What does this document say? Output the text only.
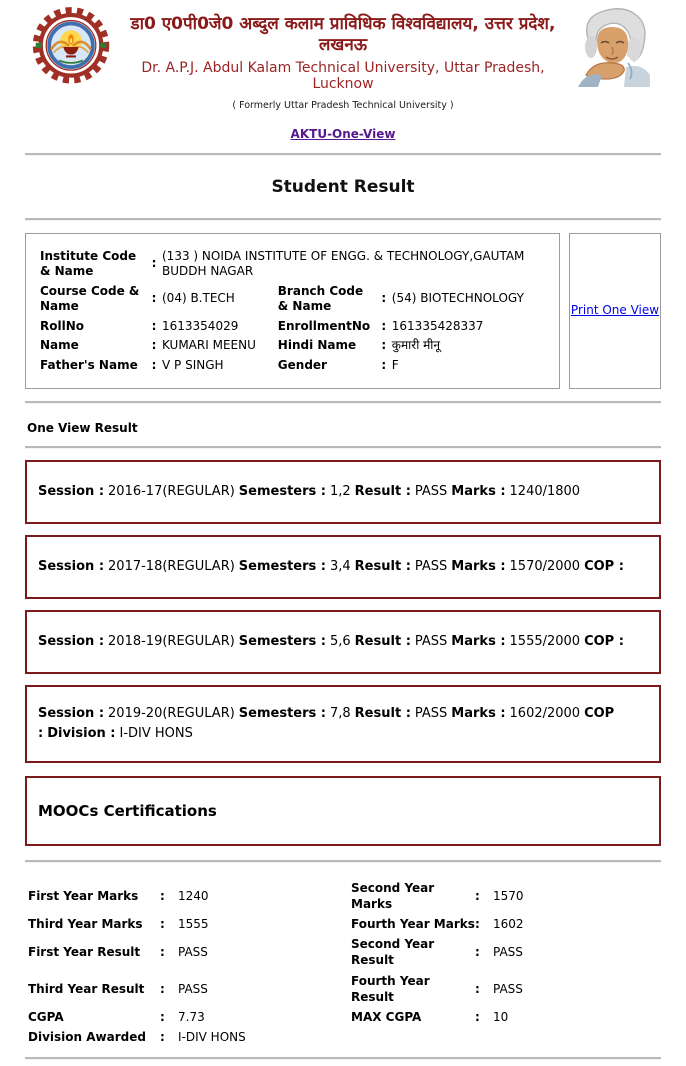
डा0 ए0पी0जे0 अब्दुल कलाम प्राविधिक विश्वविद्यालय, उत्तर प्रदेश, लखनऊ
Dr. A.P.J. Abdul Kalam Technical University, Uttar Pradesh, Lucknow
( Formerly Uttar Pradesh Technical University )
AKTU-One-View
Student Result
Institute Code & Name	:	(133 ) NOIDA INSTITUTE OF ENGG. & TECHNOLOGY,GAUTAM BUDDH NAGAR			
Course Code & Name	:	(04) B.TECH	Branch Code & Name	:	(54) BIOTECHNOLOGY
RollNo	:	1613354029	EnrollmentNo	:	161335428337
Name	:	KUMARI MEENU	Hindi Name	:	कुमारी मीनू
Father's Name	:	V P SINGH	Gender	:	F
Print One View
One View Result

Session : 2016-17(REGULAR) Semesters : 1,2 Result : PASS Marks : 1240/1800

Session : 2017-18(REGULAR) Semesters : 3,4 Result : PASS Marks : 1570/2000 COP :

Session : 2018-19(REGULAR) Semesters : 5,6 Result : PASS Marks : 1555/2000 COP :

Session : 2019-20(REGULAR) Semesters : 7,8 Result : PASS Marks : 1602/2000 COP : Division : I-DIV HONS

MOOCs Certifications
First Year Marks	:	1240	Second Year Marks	:	1570
Third Year Marks	:	1555	Fourth Year Marks	:	1602
First Year Result	:	PASS	Second Year Result	:	PASS
Third Year Result	:	PASS	Fourth Year Result	:	PASS
CGPA	:	7.73	MAX CGPA	:	10
Division Awarded	:	I-DIV HONS			
